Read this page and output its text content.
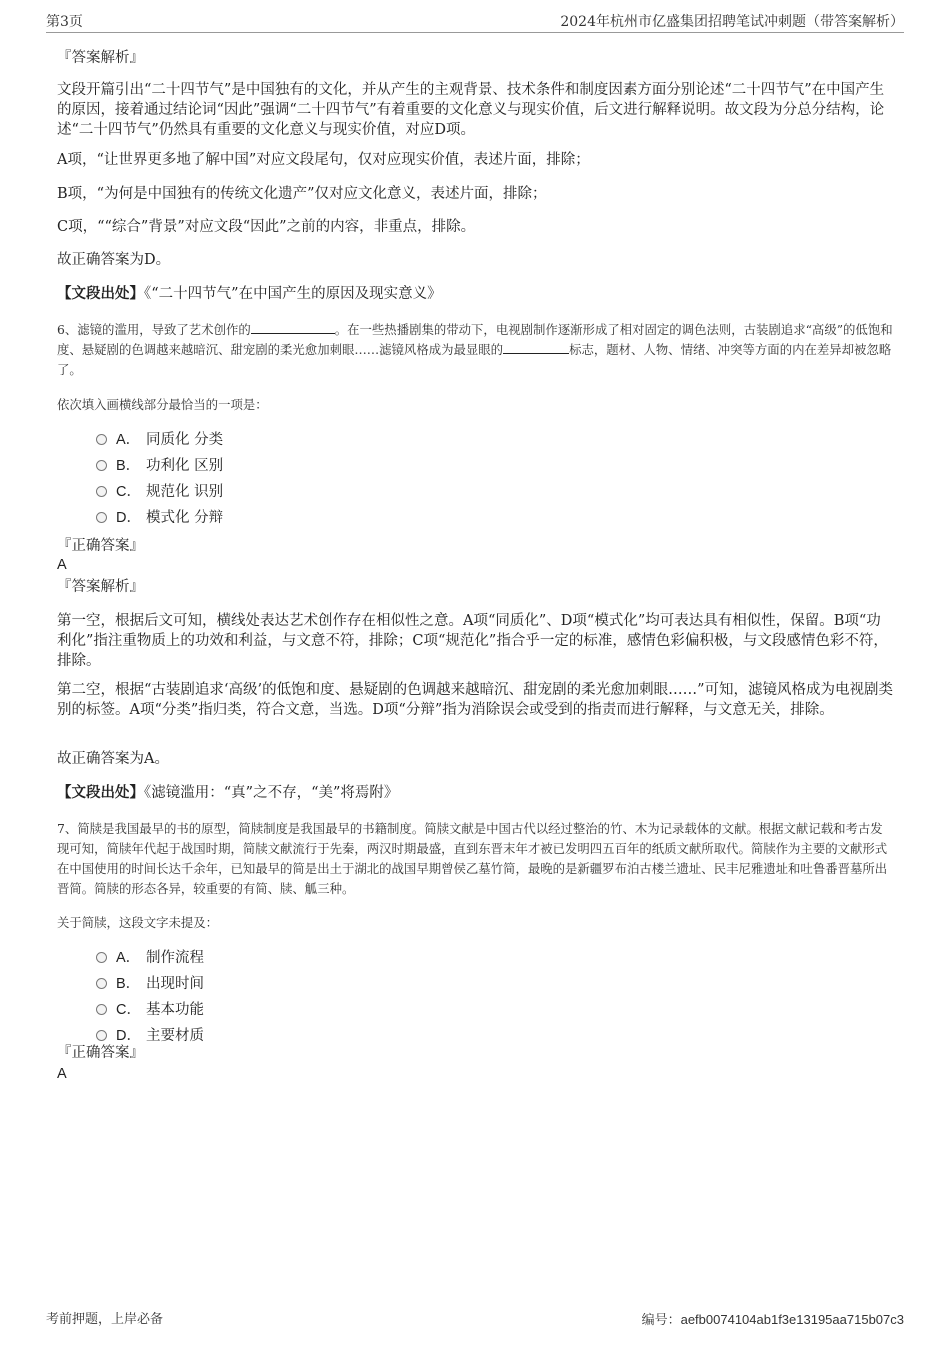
第3页	2024年杭州市亿盛集团招聘笔试冲刺题（带答案解析）

『答案解析』

文段开篇引出“二十四节气”是中国独有的文化，并从产生的主观背景、技术条件和制度因素方面分别论述“二十四节气”在中国产生的原因，接着通过结论词“因此”强调“二十四节气”有着重要的文化意义与现实价值，后文进行解释说明。故文段为分总分结构，论述“二十四节气”仍然具有重要的文化意义与现实价值，对应D项。

A项，“让世界更多地了解中国”对应文段尾句，仅对应现实价值，表述片面，排除；

B项，“为何是中国独有的传统文化遗产”仅对应文化意义，表述片面，排除；

C项，““综合”背景”对应文段“因此”之前的内容，非重点，排除。

故正确答案为D。

【文段出处】《“二十四节气”在中国产生的原因及现实意义》

6、滤镜的滥用，导致了艺术创作的	。在一些热播剧集的带动下，电视剧制作逐渐形成了相对固定的调色法则，古装剧追求“高级”的低饱和度、悬疑剧的色调越来越暗沉、甜宠剧的柔光愈加刺眼……滤镜风格成为最显眼的	标志，题材、人物、情绪、冲突等方面的内在差异却被忽略了。

依次填入画横线部分最恰当的一项是：

A． 同质化 分类
B． 功利化 区别
C． 规范化 识别
D． 模式化 分辩

『正确答案』

A

『答案解析』

第一空，根据后文可知，横线处表达艺术创作存在相似性之意。A项“同质化”、D项“模式化”均可表达具有相似性，保留。B项“功利化”指注重物质上的功效和利益，与文意不符，排除；C项“规范化”指合乎一定的标准，感情色彩偏积极，与文段感情色彩不符，排除。

第二空，根据“古装剧追求‘高级’的低饱和度、悬疑剧的色调越来越暗沉、甜宠剧的柔光愈加刺眼……”可知，滤镜风格成为电视剧类别的标签。A项“分类”指归类，符合文意，当选。D项“分辩”指为消除误会或受到的指责而进行解释，与文意无关，排除。

故正确答案为A。

【文段出处】《滤镜滥用：“真”之不存，“美”将焉附》

7、简牍是我国最早的书的原型，简牍制度是我国最早的书籍制度。简牍文献是中国古代以经过整治的竹、木为记录载体的文献。根据文献记载和考古发现可知，简牍年代起于战国时期，简牍文献流行于先秦，两汉时期最盛，直到东晋末年才被已发明四五百年的纸质文献所取代。简牍作为主要的文献形式在中国使用的时间长达千余年，已知最早的简是出土于湖北的战国早期曾侯乙墓竹简，最晚的是新疆罗布泊古楼兰遗址、民丰尼雅遗址和吐鲁番晋墓所出晋简。简牍的形态各异，较重要的有简、牍、觚三种。

关于简牍，这段文字未提及：

A． 制作流程
B． 出现时间
C． 基本功能
D． 主要材质

『正确答案』

A

考前押题，上岸必备	编号：aefb0074104ab1f3e13195aa715b07c3
